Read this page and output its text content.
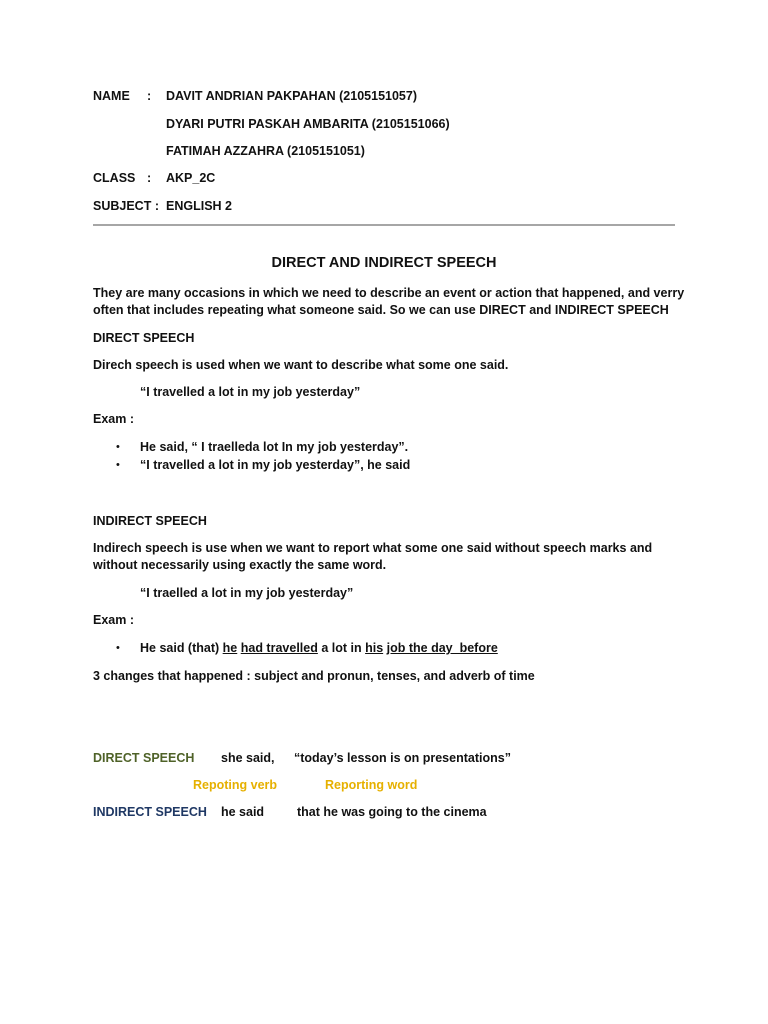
NAME : DAVIT ANDRIAN PAKPAHAN (2105151057)
DYARI PUTRI PASKAH AMBARITA (2105151066)
FATIMAH AZZAHRA (2105151051)
CLASS : AKP_2C
SUBJECT : ENGLISH 2
DIRECT AND INDIRECT SPEECH
They are many occasions in which we need to describe an event or action that happened, and verry
often that includes repeating what someone said. So we can use DIRECT and INDIRECT SPEECH
DIRECT SPEECH
Direch speech is used when we want to describe what some one said.
“I travelled a lot in my job yesterday”
Exam :
• He said, “ I traelleda lot In my job yesterday”.
• “I travelled a lot in my job yesterday”, he said
INDIRECT SPEECH
Indirech speech is use when we want to report what some one said without speech marks and
without necessarily using exactly the same word.
“I traelled a lot in my job yesterday”
Exam :
• He said (that) he had travelled a lot in his job the day  before
3 changes that happened : subject and pronun, tenses, and adverb of time
DIRECT SPEECH she said, “today’s lesson is on presentations”
Repoting verb	Reporting word
INDIRECT SPEECH he said	that he was going to the cinema
